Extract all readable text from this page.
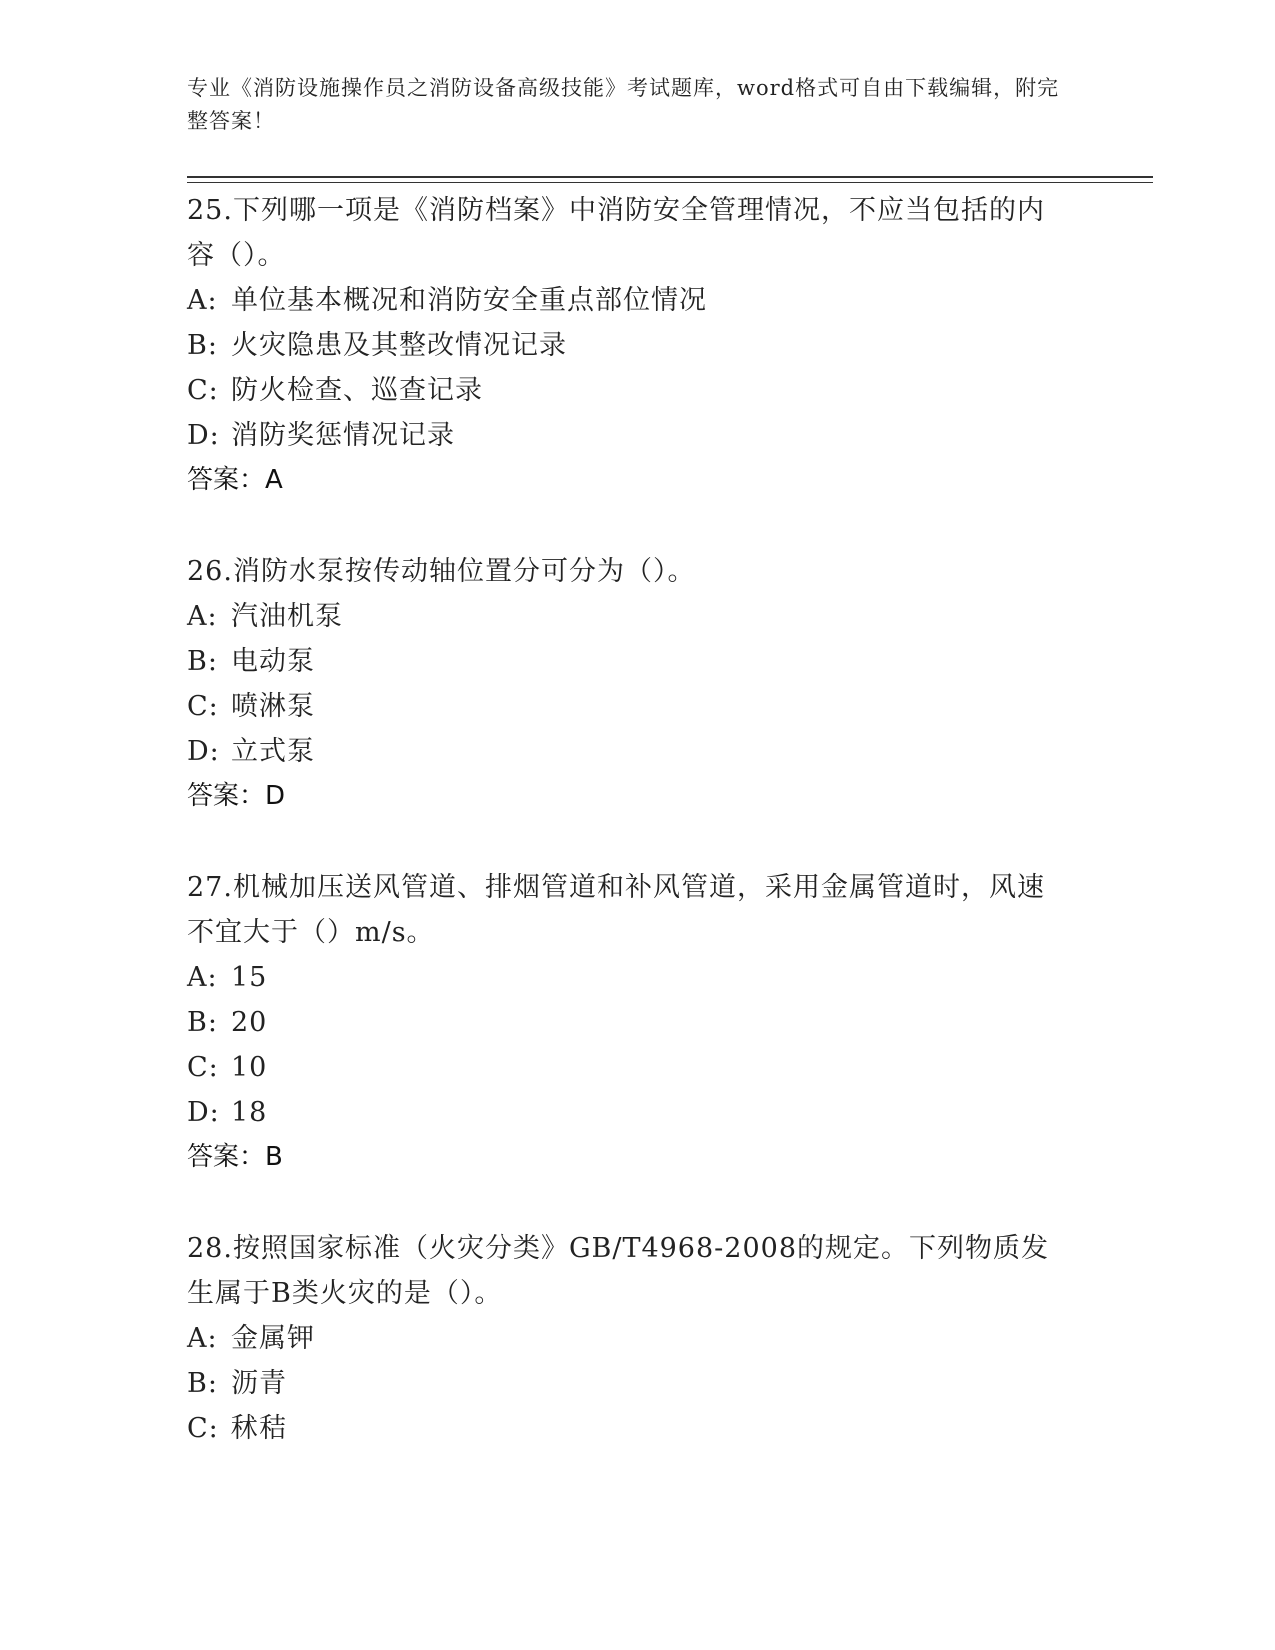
专业《消防设施操作员之消防设备高级技能》考试题库，word格式可自由下载编辑，附完整答案！
25.下列哪一项是《消防档案》中消防安全管理情况，不应当包括的内容（）。
A: 单位基本概况和消防安全重点部位情况
B: 火灾隐患及其整改情况记录
C: 防火检查、巡查记录
D: 消防奖惩情况记录
答案：A
26.消防水泵按传动轴位置分可分为（）。
A: 汽油机泵
B: 电动泵
C: 喷淋泵
D: 立式泵
答案：D
27.机械加压送风管道、排烟管道和补风管道，采用金属管道时，风速不宜大于（）m/s。
A: 15
B: 20
C: 10
D: 18
答案：B
28.按照国家标准（火灾分类》GB/T4968-2008的规定。下列物质发生属于B类火灾的是（）。
A: 金属钾
B: 沥青
C: 秫秸
